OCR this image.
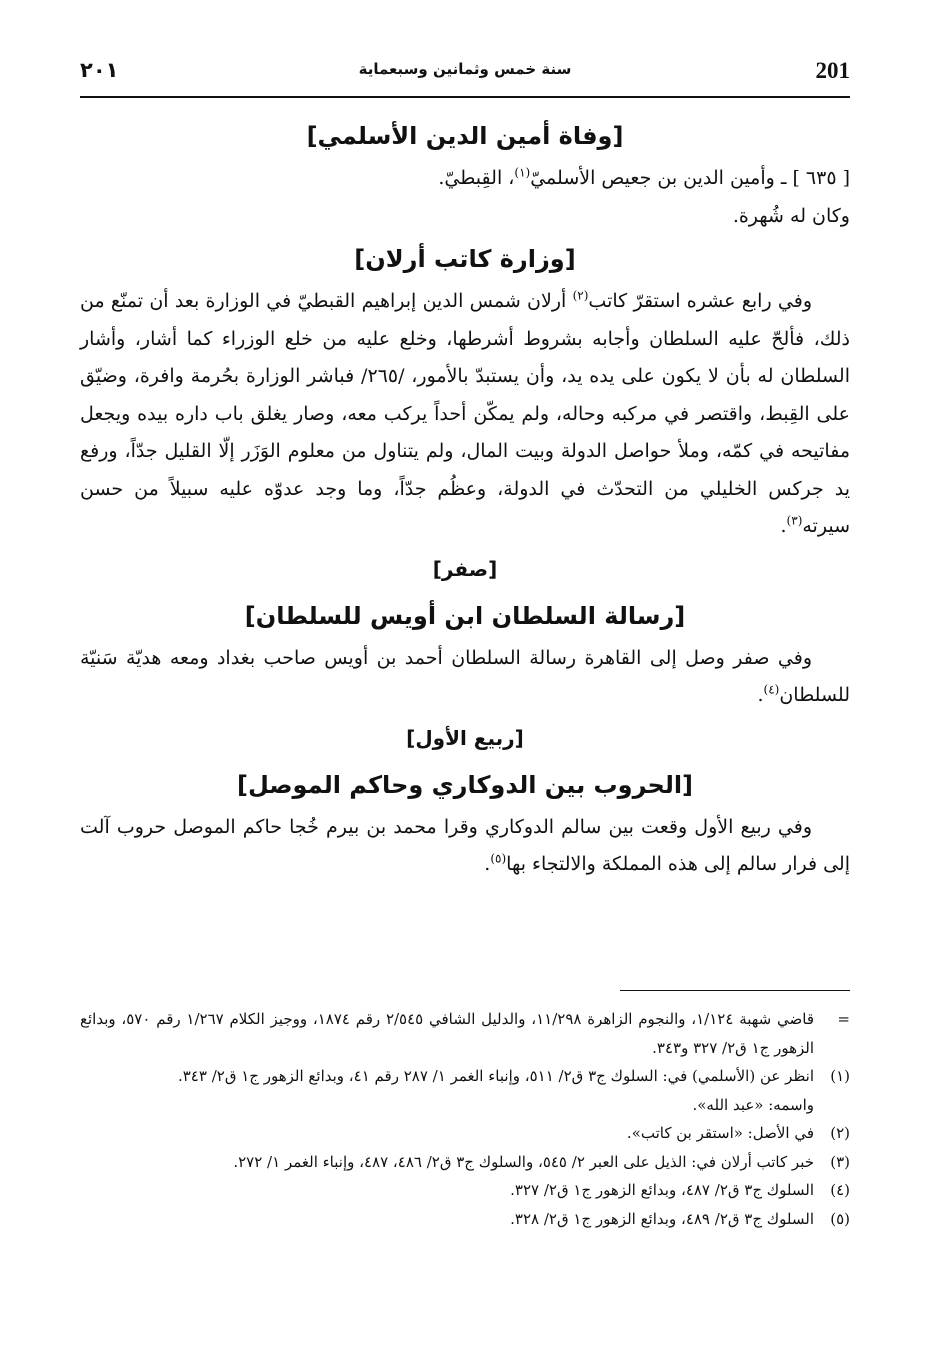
201
سنة خمس وثمانين وسبعماية
٢٠١
[وفاة أمين الدين الأسلمي]

[ ٦٣٥ ] ـ وأمين الدين بن جعيص الأسلميّ$^{(١)}$، القِبطيّ.

وكان له شُهرة.

[وزارة كاتب أرلان]

وفي رابع عشره استقرّ كاتب$^{(٢)}$ أرلان شمس الدين إبراهيم القبطيّ في الوزارة بعد أن تمنّع من ذلك، فألحّ عليه السلطان وأجابه بشروط أشرطها، وخلع عليه من خلع الوزراء كما أشار، وأشار السلطان له بأن لا يكون على يده يد، وأن يستبدّ بالأمور، /٢٦٥/ فباشر الوزارة بحُرمة وافرة، وضيّق على القِبط، واقتصر في مركبه وحاله، ولم يمكّن أحداً يركب معه، وصار يغلق باب داره بيده ويجعل مفاتيحه في كمّه، وملأ حواصل الدولة وبيت المال، ولم يتناول من معلوم الوَزَر إلّا القليل جدّاً، ورفع يد جركس الخليلي من التحدّث في الدولة، وعظُم جدّاً، وما وجد عدوّه عليه سبيلاً من حسن سيرته$^{(٣)}$.

[صفر]
[رسالة السلطان ابن أويس للسلطان]

وفي صفر وصل إلى القاهرة رسالة السلطان أحمد بن أويس صاحب بغداد ومعه هديّة سَنيّة للسلطان$^{(٤)}$.

[ربيع الأول]
[الحروب بين الدوكاري وحاكم الموصل]

وفي ربيع الأول وقعت بين سالم الدوكاري وقرا محمد بن بيرم خُجا حاكم الموصل حروب آلت إلى فرار سالم إلى هذه المملكة والالتجاء بها$^{(٥)}$.

=
قاضي شهبة ١/١٢٤، والنجوم الزاهرة ١١/٢٩٨، والدليل الشافي ٢/٥٤٥ رقم ١٨٧٤، ووجيز الكلام ١/٢٦٧ رقم ٥٧٠، وبدائع الزهور ج١ ق٢/ ٣٢٧ و٣٤٣.
(١)
انظر عن (الأسلمي) في: السلوك ج٣ ق٢/ ٥١١، وإنباء الغمر ١/ ٢٨٧ رقم ٤١، وبدائع الزهور ج١ ق٢/ ٣٤٣.
واسمه: «عبد الله».
(٢)
في الأصل: «استقر بن كاتب».
(٣)
خبر كاتب أرلان في: الذيل على العبر ٢/ ٥٤٥، والسلوك ج٣ ق٢/ ٤٨٦، ٤٨٧، وإنباء الغمر ١/ ٢٧٢.
(٤)
السلوك ج٣ ق٢/ ٤٨٧، وبدائع الزهور ج١ ق٢/ ٣٢٧.
(٥)
السلوك ج٣ ق٢/ ٤٨٩، وبدائع الزهور ج١ ق٢/ ٣٢٨.
